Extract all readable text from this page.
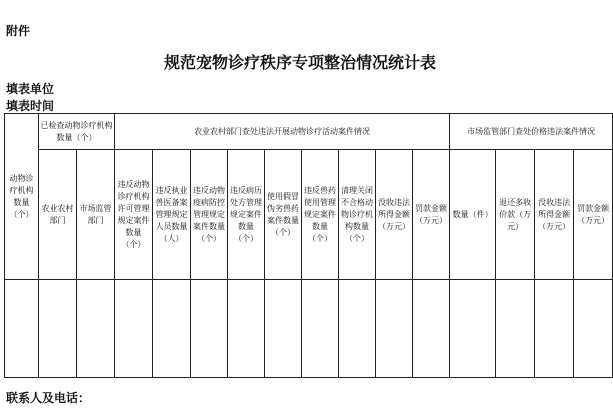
附件
规范宠物诊疗秩序专项整治情况统计表
填表单位
填表时间
动物诊疗机构数量（个）	已检查动物诊疗机构数量（个）		农业农村部门查处违法开展动物诊疗活动案件情况									市场监管部门查处价格违法案件情况			
	农业农村部门	市场监管部门	违反动物诊疗机构许可管理规定案件数量（个）	违反执业兽医备案管理规定人员数量（人）	违反动物疫病防控管理规定案件数量（个）	违反病历处方管理规定案件数量（个）	使用假冒伪劣兽药案件数量（个）	违反兽药使用管理规定案件数量（个）	清理关闭不合格动物诊疗机构数量（个）	没收违法所得金额（万元）	罚款金额（万元）	数量（件）	退还多收价款（万元）	没收违法所得金额（万元）	罚款金额（万元）

联系人及电话：
